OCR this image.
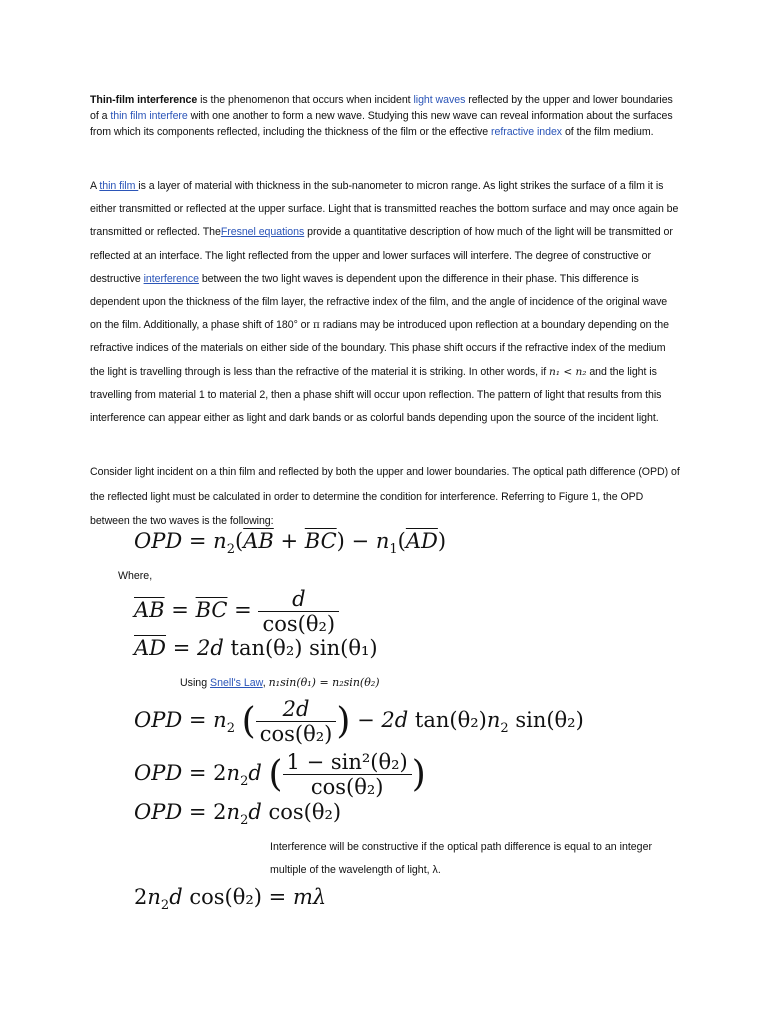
Thin-film interference is the phenomenon that occurs when incident light waves reflected by the upper and lower boundaries of a thin film interfere with one another to form a new wave. Studying this new wave can reveal information about the surfaces from which its components reflected, including the thickness of the film or the effective refractive index of the film medium.

A thin film is a layer of material with thickness in the sub-nanometer to micron range. As light strikes the surface of a film it is either transmitted or reflected at the upper surface. Light that is transmitted reaches the bottom surface and may once again be transmitted or reflected. TheFresnel equations provide a quantitative description of how much of the light will be transmitted or reflected at an interface. The light reflected from the upper and lower surfaces will interfere. The degree of constructive or destructive interference between the two light waves is dependent upon the difference in their phase. This difference is dependent upon the thickness of the film layer, the refractive index of the film, and the angle of incidence of the original wave on the film. Additionally, a phase shift of 180° or π radians may be introduced upon reflection at a boundary depending on the refractive indices of the materials on either side of the boundary. This phase shift occurs if the refractive index of the medium the light is travelling through is less than the refractive of the material it is striking. In other words, if n₁ < n₂ and the light is travelling from material 1 to material 2, then a phase shift will occur upon reflection. The pattern of light that results from this interference can appear either as light and dark bands or as colorful bands depending upon the source of the incident light.

Consider light incident on a thin film and reflected by both the upper and lower boundaries. The optical path difference (OPD) of the reflected light must be calculated in order to determine the condition for interference. Referring to Figure 1, the OPD between the two waves is the following:

OPD = $n_2(\overline{AB} + \overline{BC}) - n_1(\overline{AD})$
Where,
$\overline{AB} = \overline{BC} = \frac{d}{\text{cos(θ₂)}}$
$\overline{AD} = 2d$ tan(θ₂) sin(θ₁)
Using Snell's Law, n₁sin(θ₁) = n₂sin(θ₂)
OPD = $n_2$ ( $\frac{2d}{\text{cos(θ₂)}}$ ) − 2d $\tan(\theta_2)n_2$ sin(θ₂)
OPD = $2n_2d$ ( $\frac{\text{1 − sin²(θ₂)}}{\text{cos(θ₂)}}$ )
OPD = $2n_2d$ cos(θ₂)

Interference will be constructive if the optical path difference is equal to an integer multiple of the wavelength of light, λ.

$2n_2d$ cos(θ₂) = mλ
